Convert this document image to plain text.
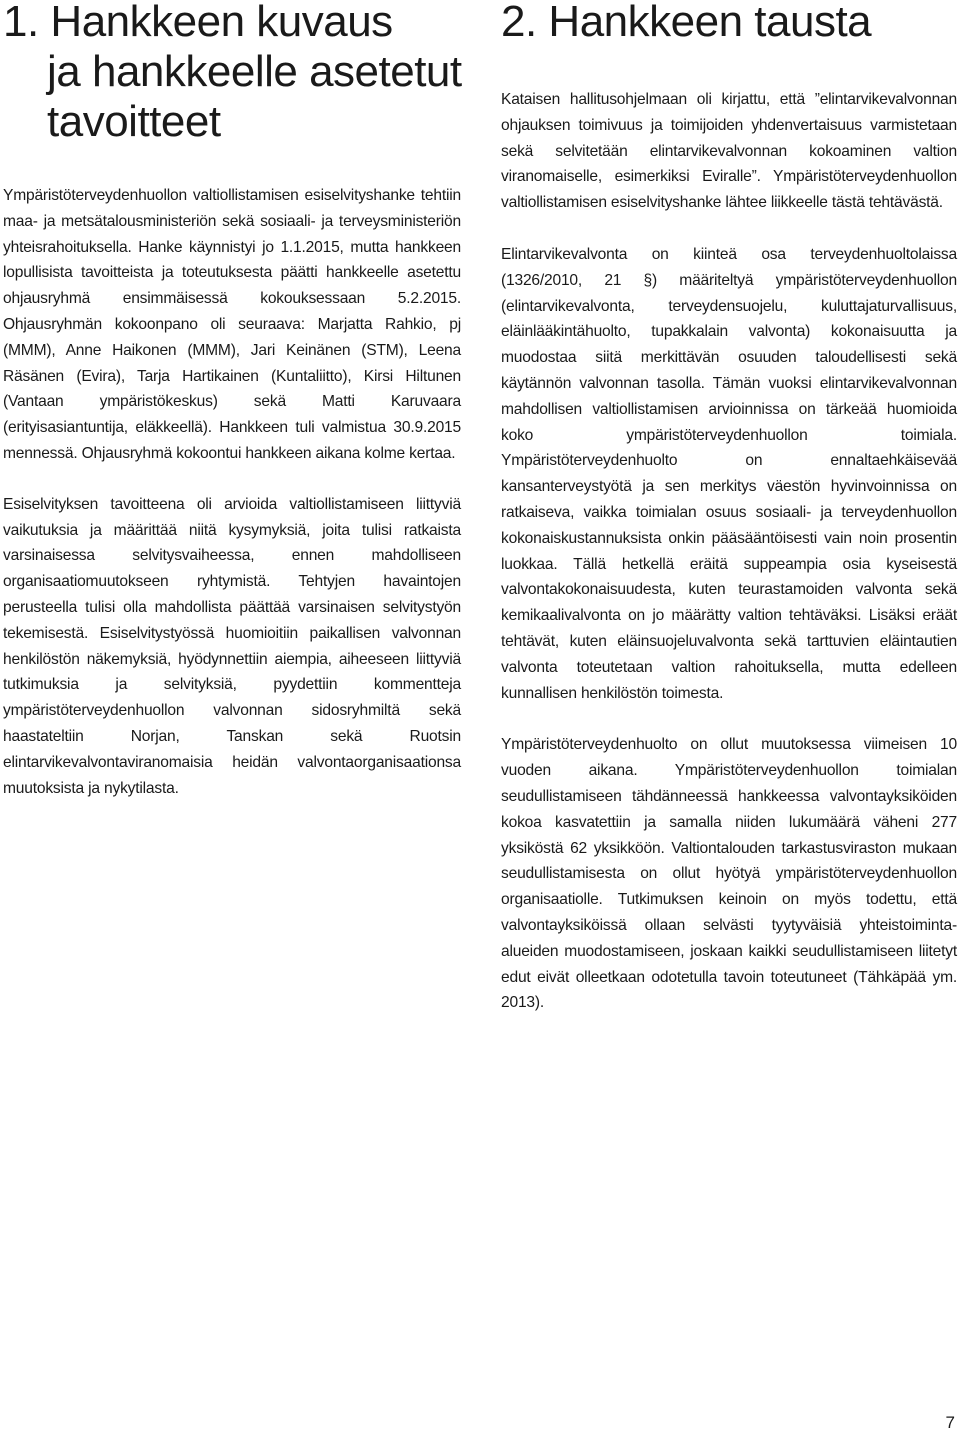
1. Hankkeen kuvaus
ja hankkeelle asetetut
tavoitteet

Ympäristöterveydenhuollon valtiollistamisen esiselvityshanke tehtiin maa- ja metsätalousministeriön sekä sosiaali- ja terveysministeriön yhteisrahoituksella. Hanke käynnistyi jo 1.1.2015, mutta hankkeen lopullisista tavoitteista ja toteutuksesta päätti hankkeelle asetettu ohjausryhmä ensimmäisessä kokouksessaan 5.2.2015. Ohjausryhmän kokoonpano oli seuraava: Marjatta Rahkio, pj (MMM), Anne Haikonen (MMM), Jari Keinänen (STM), Leena Räsänen (Evira), Tarja Hartikainen (Kuntaliitto), Kirsi Hiltunen (Vantaan ympäristökeskus) sekä Matti Karuvaara (erityisasiantuntija, eläkkeellä). Hankkeen tuli valmistua 30.9.2015 mennessä. Ohjausryhmä kokoontui hankkeen aikana kolme kertaa.

Esiselvityksen tavoitteena oli arvioida valtiollistamiseen liittyviä vaikutuksia ja määrittää niitä kysymyksiä, joita tulisi ratkaista varsinaisessa selvitysvaiheessa, ennen mahdolliseen organisaatiomuutokseen ryhtymistä. Tehtyjen havaintojen perusteella tulisi olla mahdollista päättää varsinaisen selvitystyön tekemisestä. Esiselvitystyössä huomioitiin paikallisen valvonnan henkilöstön näkemyksiä, hyödynnettiin aiempia, aiheeseen liittyviä tutkimuksia ja selvityksiä, pyydettiin kommentteja ympäristöterveydenhuollon valvonnan sidosryhmiltä sekä haastateltiin Norjan, Tanskan sekä Ruotsin elintarvikevalvontaviranomaisia heidän valvontaorganisaationsa muutoksista ja nykytilasta.

2. Hankkeen tausta

Kataisen hallitusohjelmaan oli kirjattu, että ”elintarvikevalvonnan ohjauksen toimivuus ja toimijoiden yhdenvertaisuus varmistetaan sekä selvitetään elintarvikevalvonnan kokoaminen valtion viranomaiselle, esimerkiksi Eviralle”. Ympäristöterveydenhuollon valtiollistamisen esiselvityshanke lähtee liikkeelle tästä tehtävästä.

Elintarvikevalvonta on kiinteä osa terveydenhuoltolaissa (1326/2010, 21 §) määriteltyä ympäristöterveydenhuollon (elintarvikevalvonta, terveydensuojelu, kuluttajaturvallisuus, eläinlääkintähuolto, tupakkalain valvonta) kokonaisuutta ja muodostaa siitä merkittävän osuuden taloudellisesti sekä käytännön valvonnan tasolla. Tämän vuoksi elintarvikevalvonnan mahdollisen valtiollistamisen arvioinnissa on tärkeää huomioida koko ympäristöterveydenhuollon toimiala. Ympäristöterveydenhuolto on ennaltaehkäisevää kansanterveystyötä ja sen merkitys väestön hyvinvoinnissa on ratkaiseva, vaikka toimialan osuus sosiaali- ja terveydenhuollon kokonaiskustannuksista onkin pääsääntöisesti vain noin prosentin luokkaa. Tällä hetkellä eräitä suppeampia osia kyseisestä valvontakokonaisuudesta, kuten teurastamoiden valvonta sekä kemikaalivalvonta on jo määrätty valtion tehtäväksi. Lisäksi eräät tehtävät, kuten eläinsuojeluvalvonta sekä tarttuvien eläintautien valvonta toteutetaan valtion rahoituksella, mutta edelleen kunnallisen henkilöstön toimesta.

Ympäristöterveydenhuolto on ollut muutoksessa viimeisen 10 vuoden aikana. Ympäristöterveydenhuollon toimialan seudullistamiseen tähdänneessä hankkeessa valvontayksiköiden kokoa kasvatettiin ja samalla niiden lukumäärä väheni 277 yksiköstä 62 yksikköön. Valtiontalouden tarkastusviraston mukaan seudullistamisesta on ollut hyötyä ympäristöterveydenhuollon organisaatiolle. Tutkimuksen keinoin on myös todettu, että valvontayksiköissä ollaan selvästi tyytyväisiä yhteistoiminta-alueiden muodostamiseen, joskaan kaikki seudullistamiseen liitetyt edut eivät olleetkaan odotetulla tavoin toteutuneet (Tähkäpää ym. 2013).

7
